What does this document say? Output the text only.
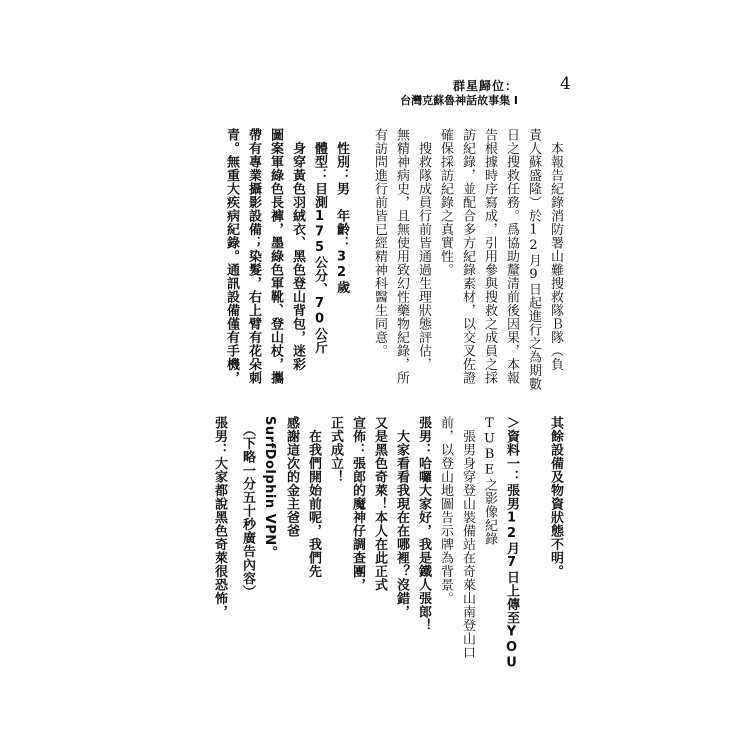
群星歸位：
台灣克蘇魯神話故事集 I
4
　本報告紀錄消防署山難搜救隊Ｂ隊（負
責人蘇盛隆）於12月9日起進行之為期數
日之搜救任務。爲協助釐清前後因果，本報
告根據時序寫成，引用參與搜救之成員之採
訪紀錄，並配合多方紀錄素材，以交叉佐證
確保採訪紀錄之真實性。
　搜救隊成員行前皆通過生理狀態評估，
無精神病史，且無使用致幻性藥物紀錄，所
有訪問進行前皆已經精神科醫生同意。
　性別：男　年齡：32歲
　體型：目測175公分、70公斤
　身穿黃色羽絨衣、黑色登山背包，迷彩
圖案軍綠色長褲，墨綠色軍靴、登山杖，攜
帶有專業攝影設備；染髮，右上臂有花朵刺
青。無重大疾病紀錄。通訊設備僅有手機，
其餘設備及物資狀態不明。
＞資料一：張男12月7日上傳至YOU
TUBE之影像紀錄
　張男身穿登山裝備站在奇萊山南登山口
前，以登山地圖告示牌為背景。
張男：哈囉大家好，我是鐵人張郎！
　大家看看我現在在哪裡？沒錯，
又是黑色奇萊！本人在此正式
宣佈：張郎的魔神仔調查團，
正式成立！
　在我們開始前呢，我們先
感謝這次的金主爸爸
SurfDolphin VPN。
　（下略一分五十秒廣告內容）
張男：大家都說黑色奇萊很恐怖，
